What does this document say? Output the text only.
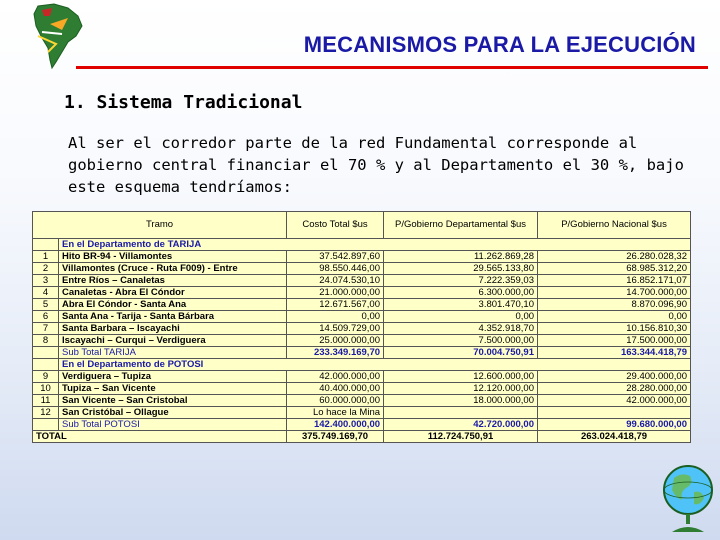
MECANISMOS PARA LA EJECUCIÓN
1. Sistema Tradicional
Al ser el corredor parte de la red Fundamental corresponde al gobierno central financiar el 70 % y al Departamento el 30 %, bajo este esquema tendríamos:
Tramo		Costo Total $us	P/Gobierno Departamental $us	P/Gobierno Nacional $us
	En el Departamento de TARIJA			
1	Hito BR-94 - Villamontes	37.542.897,60	11.262.869,28	26.280.028,32
2	Villamontes (Cruce - Ruta F009) - Entre	98.550.446,00	29.565.133,80	68.985.312,20
3	Entre Ríos – Canaletas	24.074.530,10	7.222.359,03	16.852.171,07
4	Canaletas - Abra El Cóndor	21.000.000,00	6.300.000,00	14.700.000,00
5	Abra El Cóndor - Santa Ana	12.671.567,00	3.801.470,10	8.870.096,90
6	Santa Ana - Tarija - Santa Bárbara	0,00	0,00	0,00
7	Santa Barbara – Iscayachi	14.509.729,00	4.352.918,70	10.156.810,30
8	Iscayachi – Curqui – Verdiguera	25.000.000,00	7.500.000,00	17.500.000,00
	Sub Total TARIJA	233.349.169,70	70.004.750,91	163.344.418,79
	En el Departamento de POTOSI			
9	Verdiguera – Tupiza	42.000.000,00	12.600.000,00	29.400.000,00
10	Tupiza – San Vicente	40.400.000,00	12.120.000,00	28.280.000,00
11	San Vicente – San Cristobal	60.000.000,00	18.000.000,00	42.000.000,00
12	San Cristóbal – Ollague	Lo hace la Mina		
	Sub Total POTOSI	142.400.000,00	42.720.000,00	99.680.000,00
TOTAL		375.749.169,70	112.724.750,91	263.024.418,79
